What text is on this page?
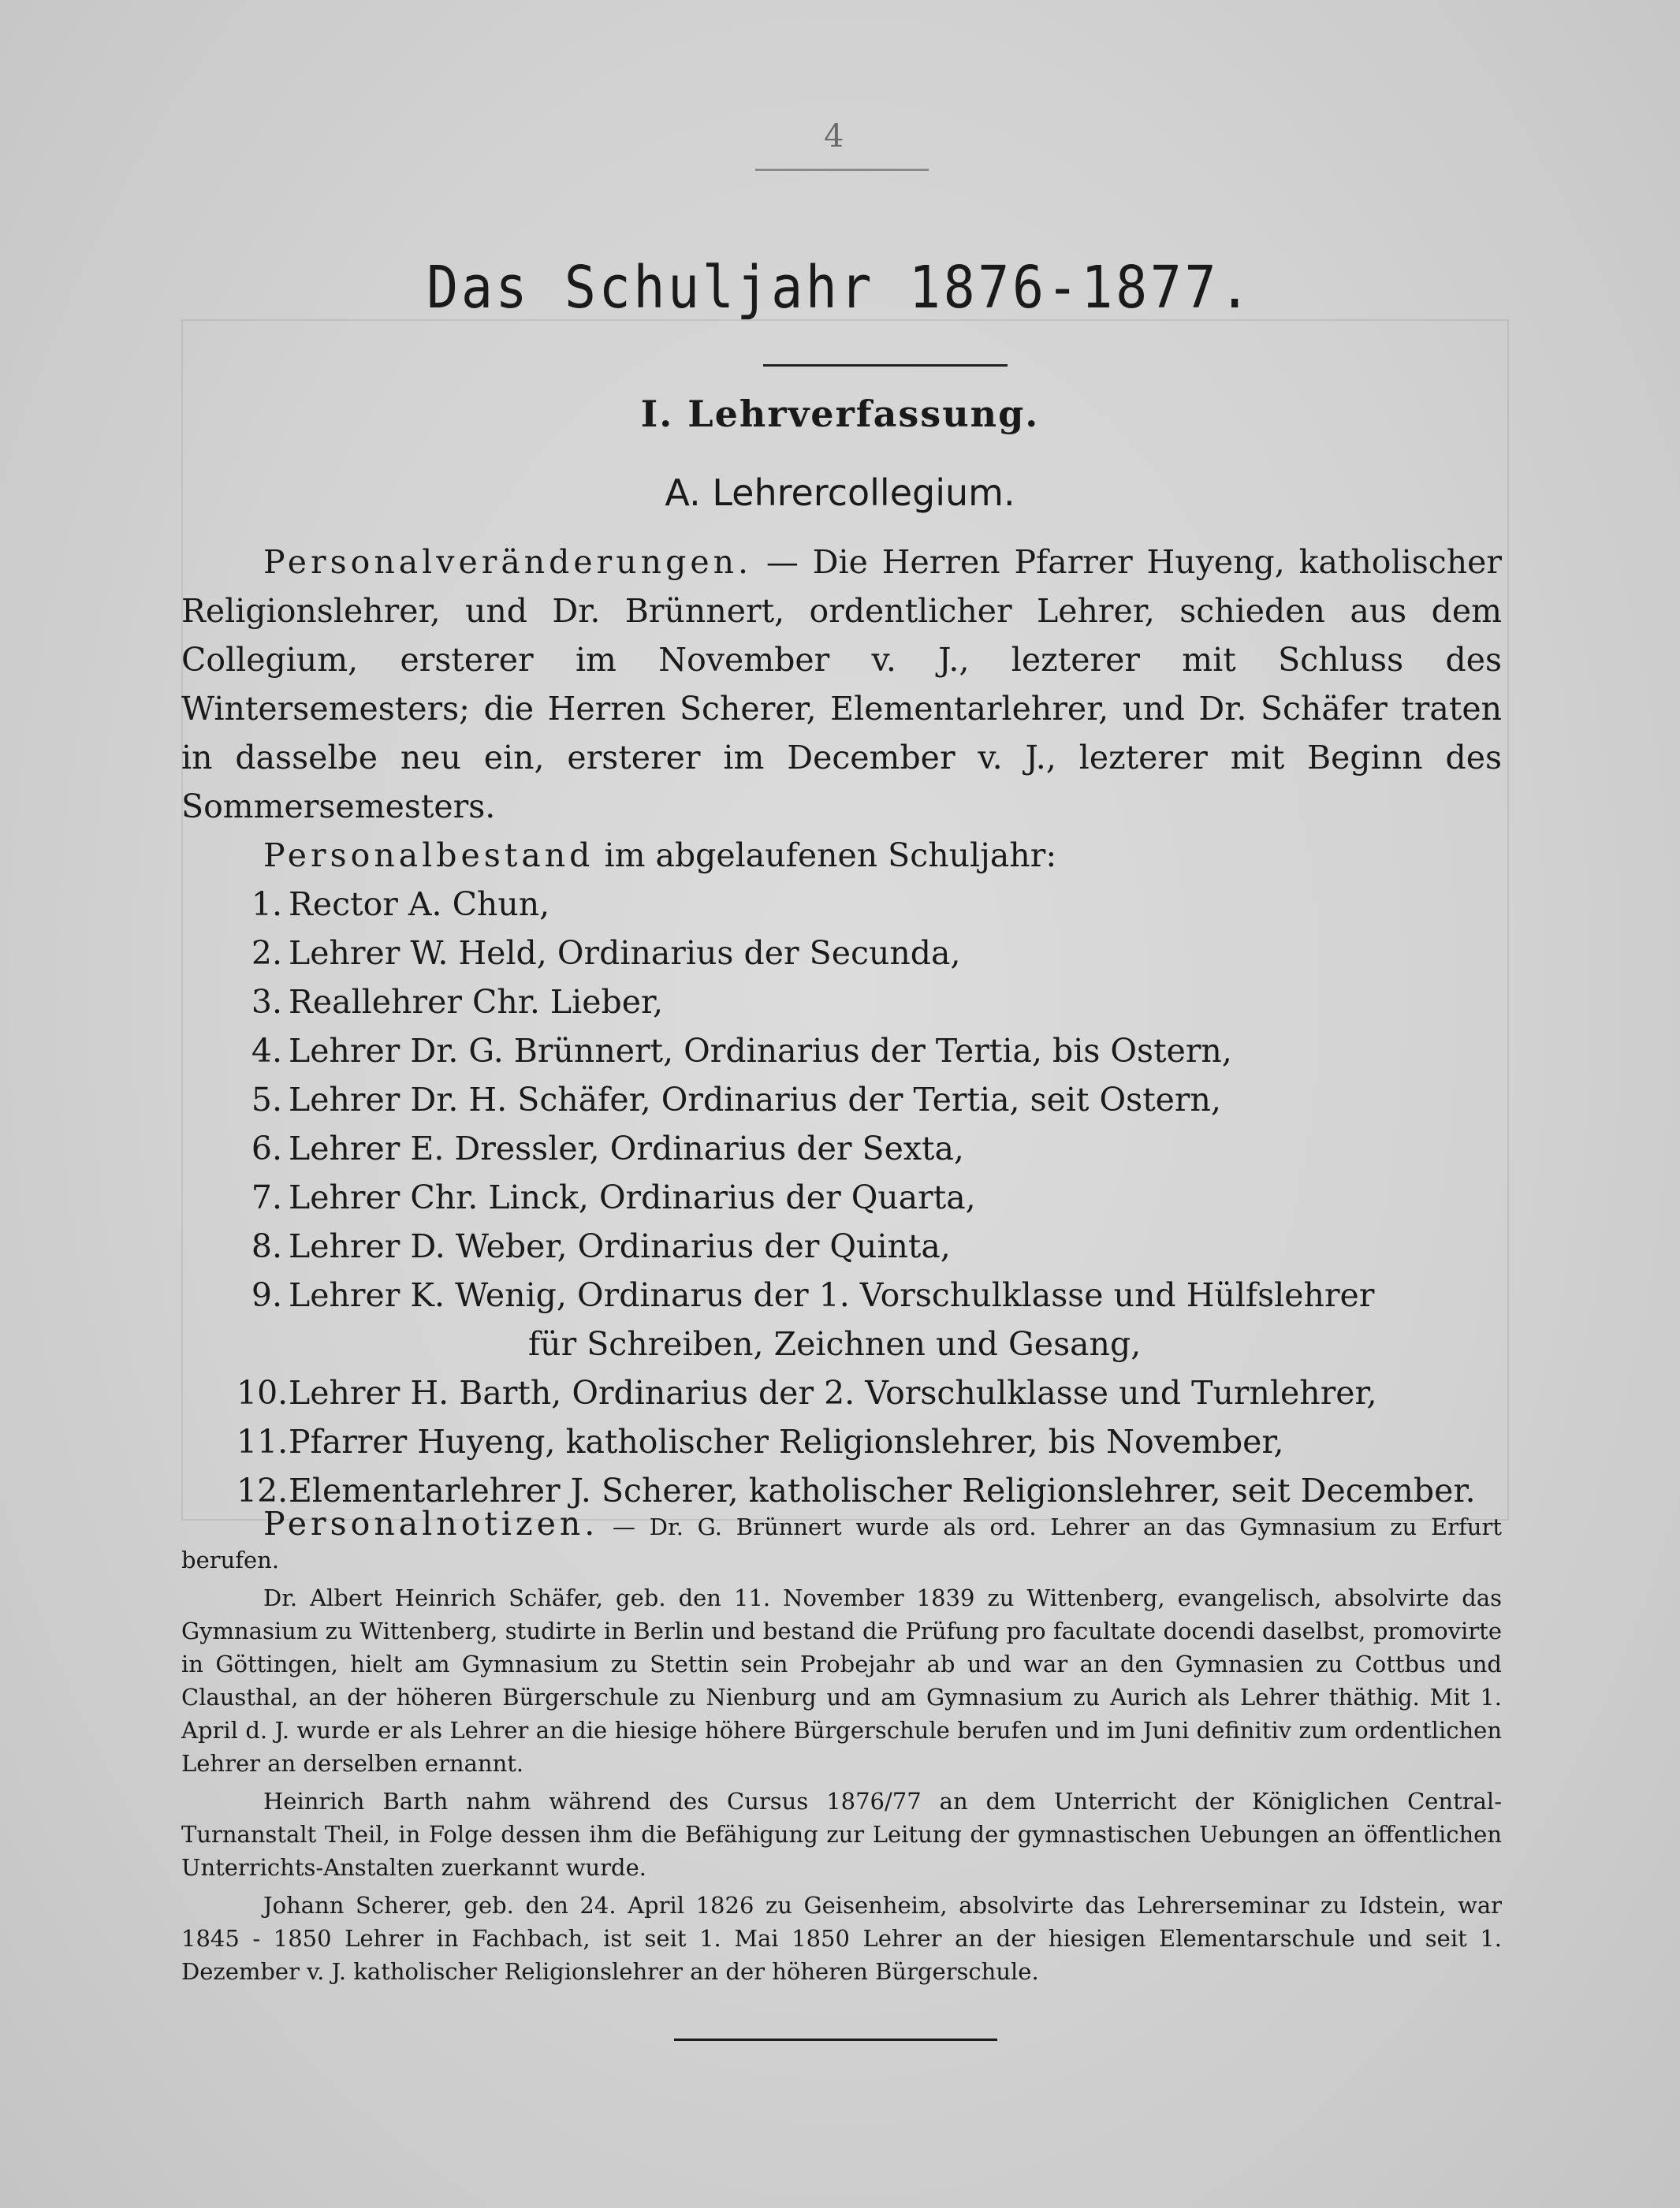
4
Das Schuljahr 1876-1877.
I. Lehrverfassung.
A. Lehrercollegium.

Personalveränderungen. — Die Herren Pfarrer Huyeng, katholischer Religionslehrer, und Dr. Brünnert, ordentlicher Lehrer, schieden aus dem Collegium, ersterer im November v. J., lezterer mit Schluss des Wintersemesters; die Herren Scherer, Elementarlehrer, und Dr. Schäfer traten in dasselbe neu ein, ersterer im December v. J., lezterer mit Beginn des Sommersemesters.

Personalbestand im abgelaufenen Schuljahr:

1. Rector A. Chun,
2. Lehrer W. Held, Ordinarius der Secunda,
3. Reallehrer Chr. Lieber,
4. Lehrer Dr. G. Brünnert, Ordinarius der Tertia, bis Ostern,
5. Lehrer Dr. H. Schäfer, Ordinarius der Tertia, seit Ostern,
6. Lehrer E. Dressler, Ordinarius der Sexta,
7. Lehrer Chr. Linck, Ordinarius der Quarta,
8. Lehrer D. Weber, Ordinarius der Quinta,
9. Lehrer K. Wenig, Ordinarus der 1. Vorschulklasse und Hülfslehrer
für Schreiben, Zeichnen und Gesang,
10.Lehrer H. Barth, Ordinarius der 2. Vorschulklasse und Turnlehrer,
11.Pfarrer Huyeng, katholischer Religionslehrer, bis November,
12.Elementarlehrer J. Scherer, katholischer Religionslehrer, seit December.

Personalnotizen. — Dr. G. Brünnert wurde als ord. Lehrer an das Gymnasium zu Erfurt berufen.

Dr. Albert Heinrich Schäfer, geb. den 11. November 1839 zu Wittenberg, evangelisch, absolvirte das Gymnasium zu Wittenberg, studirte in Berlin und bestand die Prüfung pro facultate docendi daselbst, promovirte in Göttingen, hielt am Gymnasium zu Stettin sein Probejahr ab und war an den Gymnasien zu Cottbus und Clausthal, an der höheren Bürgerschule zu Nienburg und am Gymnasium zu Aurich als Lehrer thäthig. Mit 1. April d. J. wurde er als Lehrer an die hiesige höhere Bürgerschule berufen und im Juni definitiv zum ordentlichen Lehrer an derselben ernannt.

Heinrich Barth nahm während des Cursus 1876/77 an dem Unterricht der Königlichen Central-Turnanstalt Theil, in Folge dessen ihm die Befähigung zur Leitung der gymnastischen Uebungen an öffentlichen Unterrichts-Anstalten zuerkannt wurde.

Johann Scherer, geb. den 24. April 1826 zu Geisenheim, absolvirte das Lehrerseminar zu Idstein, war 1845 - 1850 Lehrer in Fachbach, ist seit 1. Mai 1850 Lehrer an der hiesigen Elementarschule und seit 1. Dezember v. J. katholischer Religionslehrer an der höheren Bürgerschule.
